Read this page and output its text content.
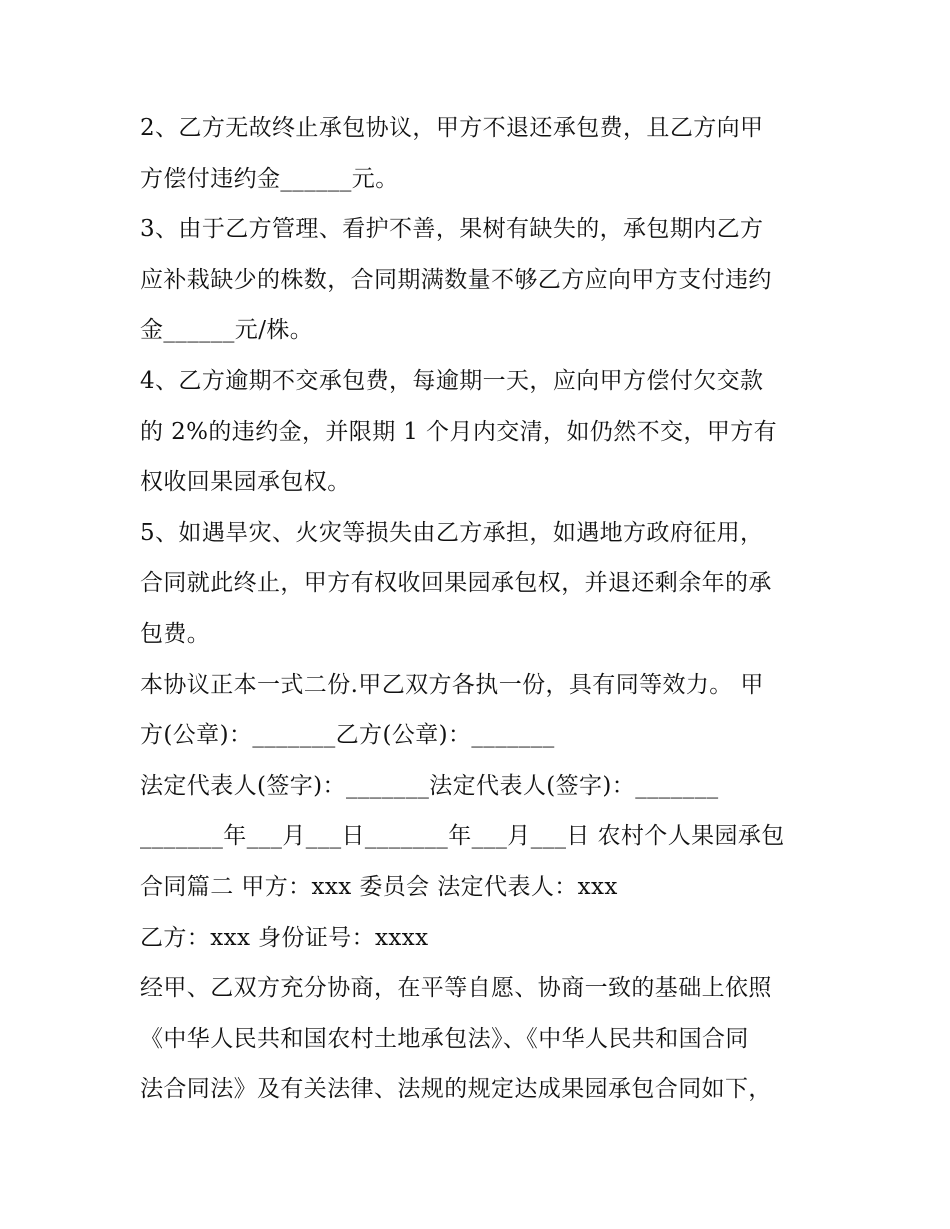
2、乙方无故终止承包协议，甲方不退还承包费，且乙方向甲
方偿付违约金______元。
3、由于乙方管理、看护不善，果树有缺失的，承包期内乙方
应补栽缺少的株数，合同期满数量不够乙方应向甲方支付违约
金______元/株。
4、乙方逾期不交承包费，每逾期一天，应向甲方偿付欠交款
的 2%的违约金，并限期 1 个月内交清，如仍然不交，甲方有
权收回果园承包权。
5、如遇旱灾、火灾等损失由乙方承担，如遇地方政府征用，
合同就此终止，甲方有权收回果园承包权，并退还剩余年的承
包费。
本协议正本一式二份.甲乙双方各执一份，具有同等效力。 甲
方(公章)：_______乙方(公章)：_______
法定代表人(签字)：_______法定代表人(签字)：_______
_______年___月___日_______年___月___日 农村个人果园承包
合同篇二 甲方：xxx 委员会 法定代表人：xxx
乙方：xxx 身份证号：xxxx
经甲、乙双方充分协商，在平等自愿、协商一致的基础上依照
《中华人民共和国农村土地承包法》、《中华人民共和国合同
法合同法》及有关法律、法规的规定达成果园承包合同如下，
